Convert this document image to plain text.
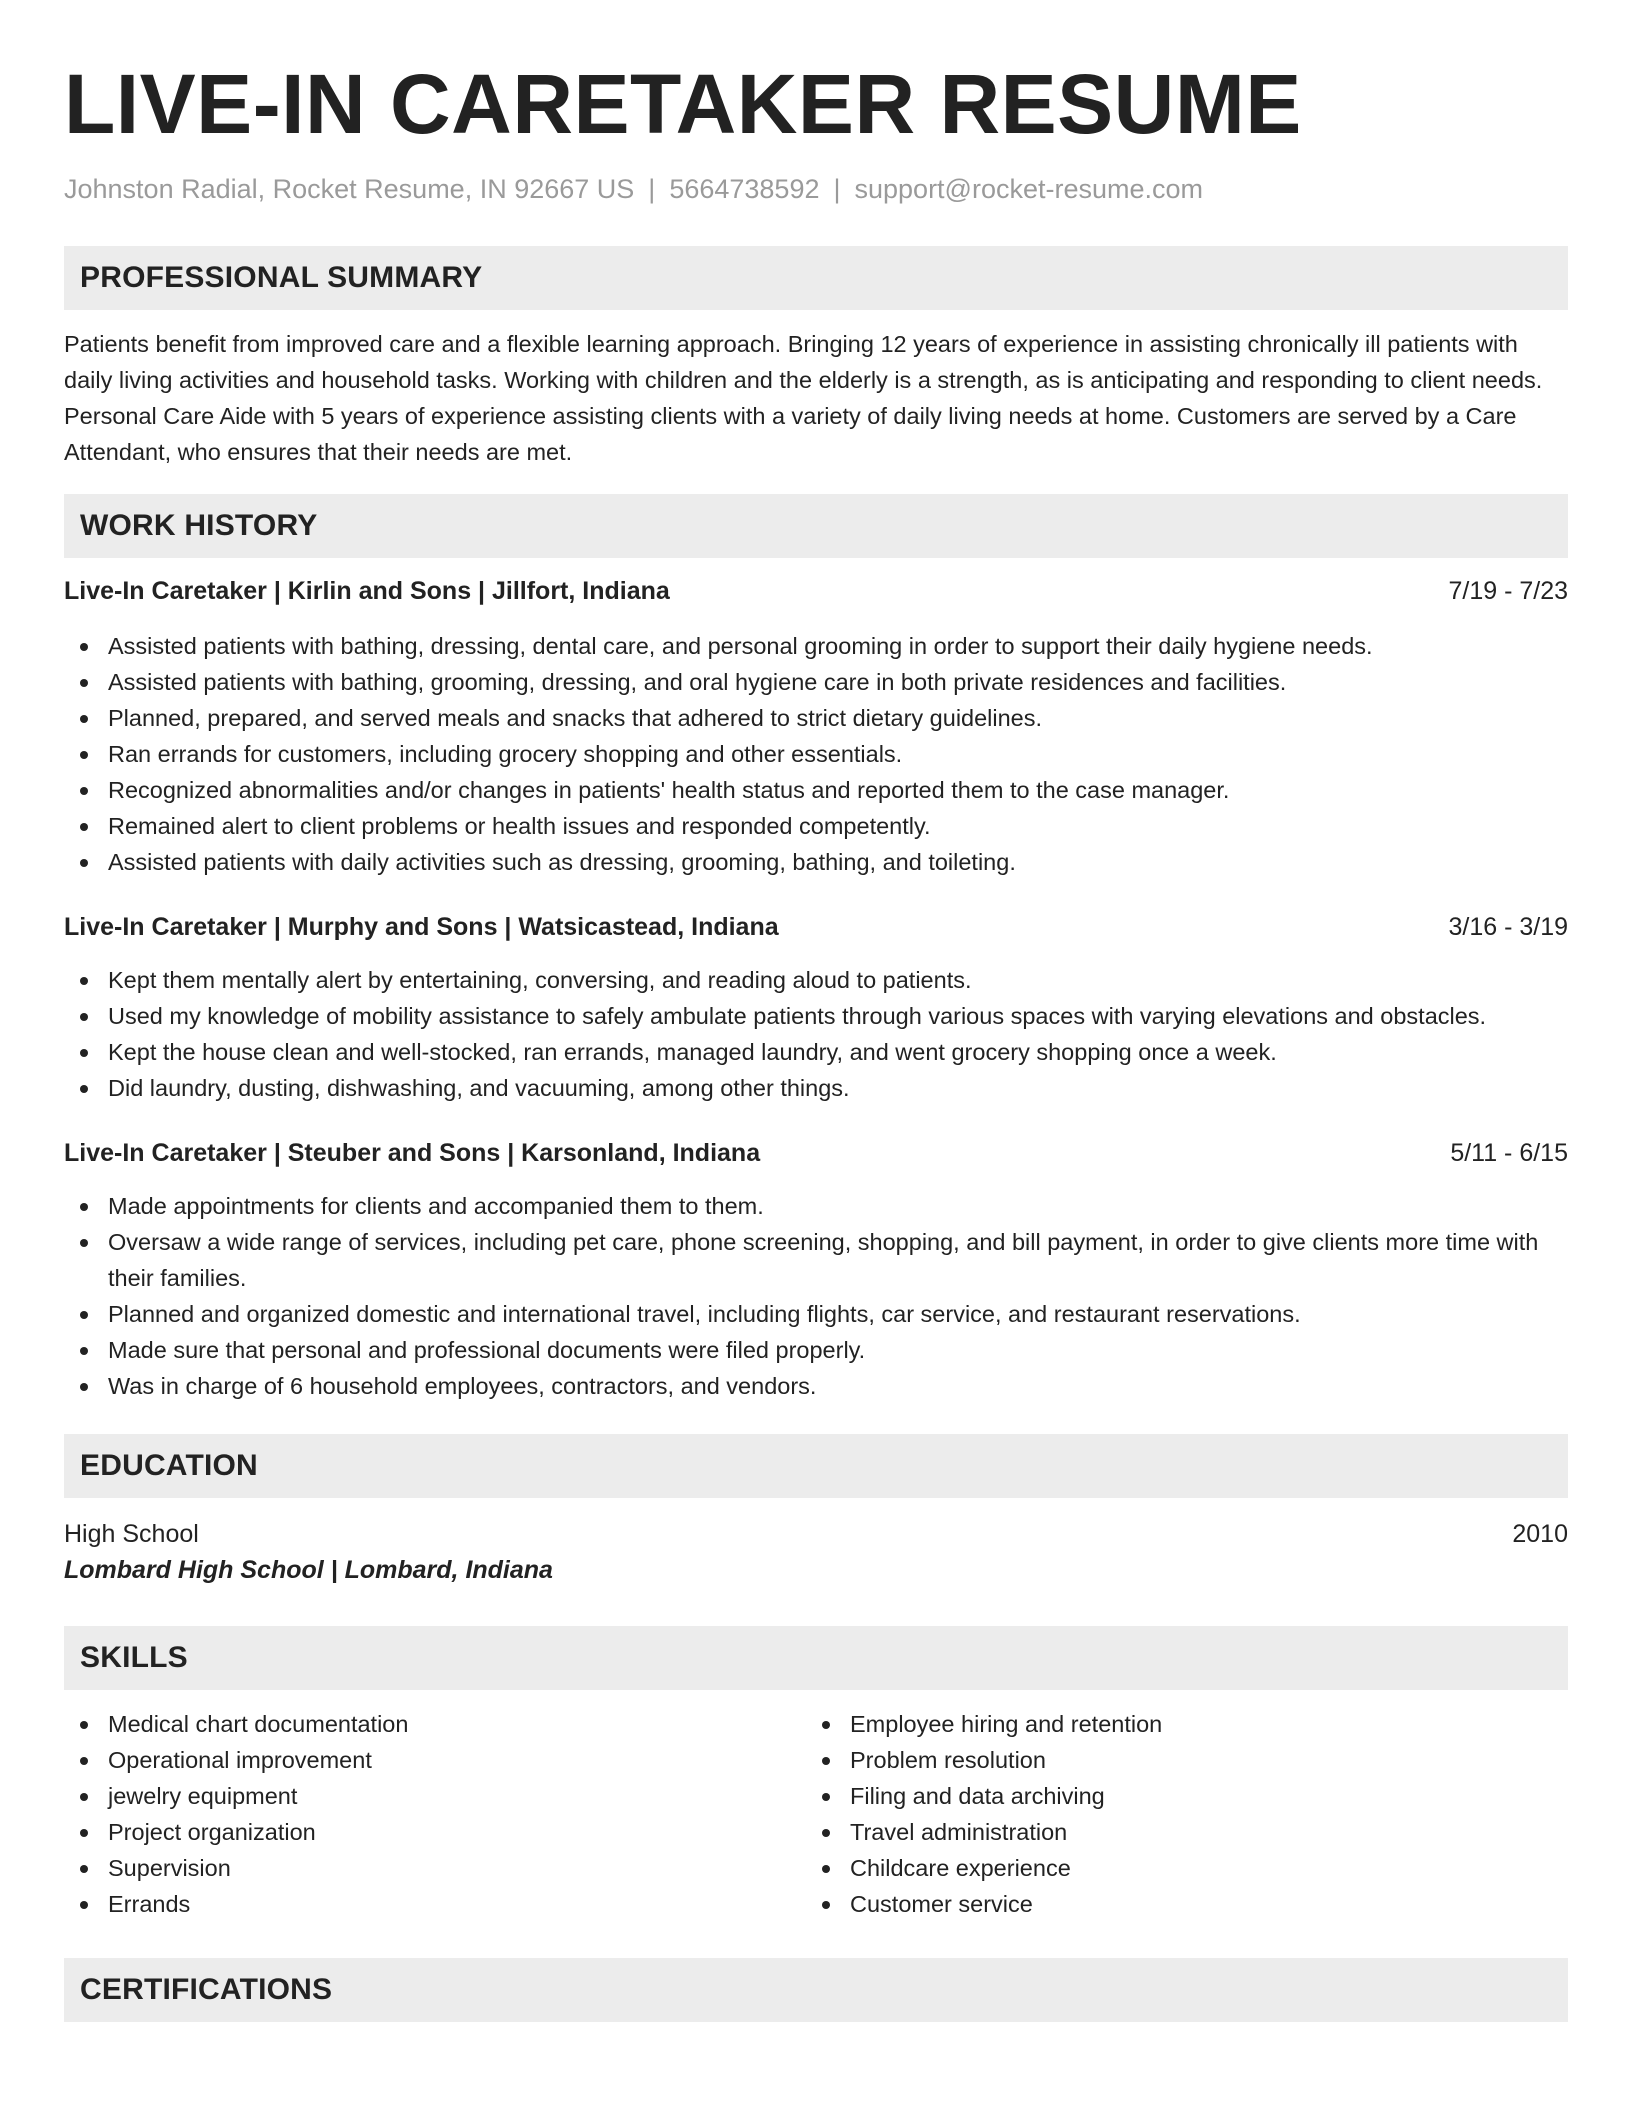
LIVE-IN CARETAKER RESUME
Johnston Radial, Rocket Resume, IN 92667 US | 5664738592 | support@rocket-resume.com
PROFESSIONAL SUMMARY

Patients benefit from improved care and a flexible learning approach. Bringing 12 years of experience in assisting chronically ill patients with daily living activities and household tasks. Working with children and the elderly is a strength, as is anticipating and responding to client needs. Personal Care Aide with 5 years of experience assisting clients with a variety of daily living needs at home. Customers are served by a Care Attendant, who ensures that their needs are met.

WORK HISTORY
Live-In Caretaker | Kirlin and Sons | Jillfort, Indiana	7/19 - 7/23
Assisted patients with bathing, dressing, dental care, and personal grooming in order to support their daily hygiene needs.
Assisted patients with bathing, grooming, dressing, and oral hygiene care in both private residences and facilities.
Planned, prepared, and served meals and snacks that adhered to strict dietary guidelines.
Ran errands for customers, including grocery shopping and other essentials.
Recognized abnormalities and/or changes in patients' health status and reported them to the case manager.
Remained alert to client problems or health issues and responded competently.
Assisted patients with daily activities such as dressing, grooming, bathing, and toileting.
Live-In Caretaker | Murphy and Sons | Watsicastead, Indiana	3/16 - 3/19
Kept them mentally alert by entertaining, conversing, and reading aloud to patients.
Used my knowledge of mobility assistance to safely ambulate patients through various spaces with varying elevations and obstacles.
Kept the house clean and well-stocked, ran errands, managed laundry, and went grocery shopping once a week.
Did laundry, dusting, dishwashing, and vacuuming, among other things.
Live-In Caretaker | Steuber and Sons | Karsonland, Indiana	5/11 - 6/15
Made appointments for clients and accompanied them to them.
Oversaw a wide range of services, including pet care, phone screening, shopping, and bill payment, in order to give clients more time with their families.
Planned and organized domestic and international travel, including flights, car service, and restaurant reservations.
Made sure that personal and professional documents were filed properly.
Was in charge of 6 household employees, contractors, and vendors.
EDUCATION
High School	2010
Lombard High School | Lombard, Indiana
SKILLS
Medical chart documentation
Operational improvement
jewelry equipment
Project organization
Supervision
Errands
Employee hiring and retention
Problem resolution
Filing and data archiving
Travel administration
Childcare experience
Customer service
CERTIFICATIONS
